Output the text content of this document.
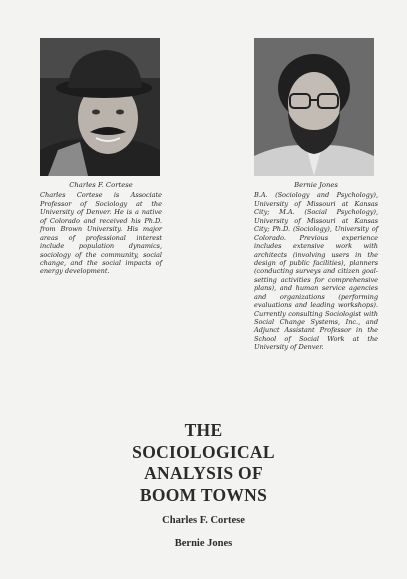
Charles F. Cortese
Charles Cortese is Associate Professor of Sociology at the University of Denver. He is a native of Colorado and received his Ph.D. from Brown University. His major areas of professional interest include population dynamics, sociology of the community, social change, and the social impacts of energy development.
Bernie Jones
B.A. (Sociology and Psychology), University of Missouri at Kansas City; M.A. (Social Psychology), University of Missouri at Kansas City; Ph.D. (Sociology), University of Colorado. Previous experience includes extensive work with architects (involving users in the design of public facilities), planners (conducting surveys and citizen goal-setting activities for comprehensive plans), and human service agencies and organizations (performing evaluations and leading workshops). Currently consulting Sociologist with Social Change Systems, Inc., and Adjunct Assistant Professor in the School of Social Work at the University of Denver.
THE
SOCIOLOGICAL
ANALYSIS OF
BOOM TOWNS
Charles F. Cortese
Bernie Jones
